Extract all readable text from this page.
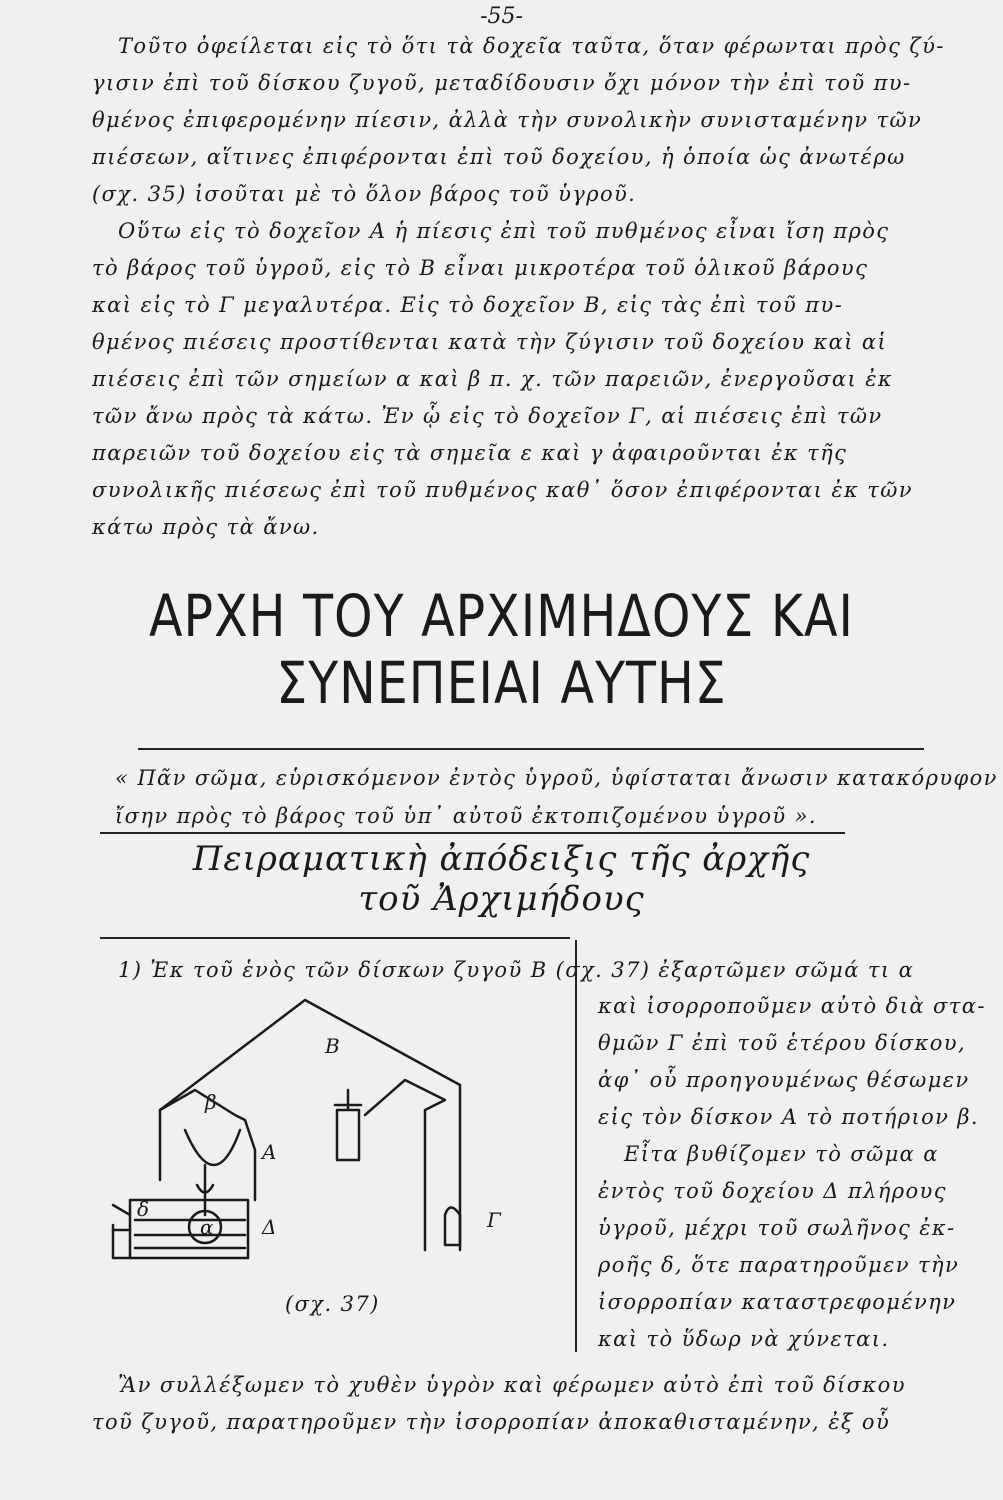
-55-
Τοῦτο ὀφείλεται εἰς τὸ ὅτι τὰ δοχεῖα ταῦτα, ὅταν φέρωνται πρὸς ζύ-
γισιν ἐπὶ τοῦ δίσκου ζυγοῦ, μεταδίδουσιν ὄχι μόνον τὴν ἐπὶ τοῦ πυ-
θμένος ἐπιφερομένην πίεσιν, ἀλλὰ τὴν συνολικὴν συνισταμένην τῶν
πιέσεων, αἵτινες ἐπιφέρονται ἐπὶ τοῦ δοχείου, ἡ ὁποία ὡς ἀνωτέρω
(σχ. 35) ἰσοῦται μὲ τὸ ὅλον βάρος τοῦ ὑγροῦ.
Οὕτω εἰς τὸ δοχεῖον Α ἡ πίεσις ἐπὶ τοῦ πυθμένος εἶναι ἴση πρὸς
τὸ βάρος τοῦ ὑγροῦ, εἰς τὸ Β εἶναι μικροτέρα τοῦ ὁλικοῦ βάρους
καὶ εἰς τὸ Γ μεγαλυτέρα. Εἰς τὸ δοχεῖον Β, εἰς τὰς ἐπὶ τοῦ πυ-
θμένος πιέσεις προστίθενται κατὰ τὴν ζύγισιν τοῦ δοχείου καὶ αἱ
πιέσεις ἐπὶ τῶν σημείων α καὶ β π. χ. τῶν παρειῶν, ἐνεργοῦσαι ἐκ
τῶν ἄνω πρὸς τὰ κάτω. Ἐν ᾧ εἰς τὸ δοχεῖον Γ, αἱ πιέσεις ἐπὶ τῶν
παρειῶν τοῦ δοχείου εἰς τὰ σημεῖα ε καὶ γ ἀφαιροῦνται ἐκ τῆς
συνολικῆς πιέσεως ἐπὶ τοῦ πυθμένος καθ᾽ ὅσον ἐπιφέρονται ἐκ τῶν
κάτω πρὸς τὰ ἄνω.
ΑΡΧΗ ΤΟΥ ΑΡΧΙΜΗΔΟΥΣ ΚΑΙ
ΣΥΝΕΠΕΙΑΙ ΑΥΤΗΣ
« Πᾶν σῶμα, εὑρισκόμενον ἐντὸς ὑγροῦ, ὑφίσταται ἄνωσιν κατακόρυφον
ἴσην πρὸς τὸ βάρος τοῦ ὑπ᾽ αὐτοῦ ἐκτοπιζομένου ὑγροῦ ».
Πειραματικὴ ἀπόδειξις τῆς ἀρχῆς
τοῦ Ἀρχιμήδους
1) Ἐκ τοῦ ἑνὸς τῶν δίσκων ζυγοῦ Β (σχ. 37) ἐξαρτῶμεν σῶμά τι α
καὶ ἰσορροποῦμεν αὐτὸ διὰ στα-
θμῶν Γ ἐπὶ τοῦ ἑτέρου δίσκου,
ἀφ᾽ οὗ προηγουμένως θέσωμεν
εἰς τὸν δίσκον Α τὸ ποτήριον β.
Εἶτα βυθίζομεν τὸ σῶμα α
ἐντὸς τοῦ δοχείου Δ πλήρους
ὑγροῦ, μέχρι τοῦ σωλῆνος ἐκ-
ροῆς δ, ὅτε παρατηροῦμεν τὴν
ἰσορροπίαν καταστρεφομένην
καὶ τὸ ὕδωρ νὰ χύνεται.
Β
β
Α
α Δ
δ	Γ
(σχ. 37)
Ἂν συλλέξωμεν τὸ χυθὲν ὑγρὸν καὶ φέρωμεν αὐτὸ ἐπὶ τοῦ δίσκου
τοῦ ζυγοῦ, παρατηροῦμεν τὴν ἰσορροπίαν ἀποκαθισταμένην, ἐξ οὗ
